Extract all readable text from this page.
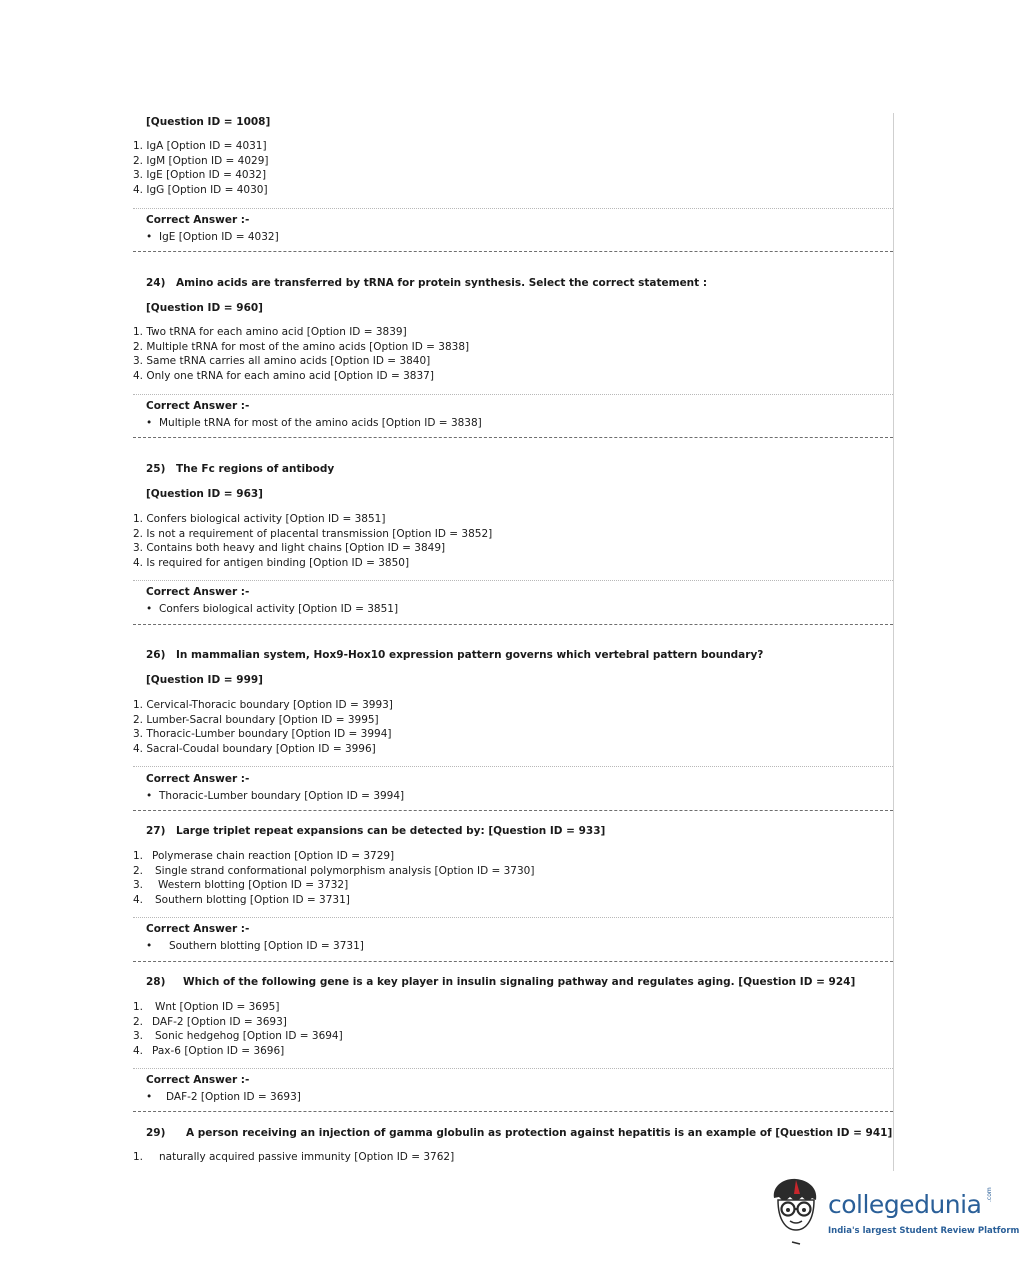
[Question ID = 1008]
1. IgA [Option ID = 4031]
2. IgM [Option ID = 4029]
3. IgE [Option ID = 4032]
4. IgG [Option ID = 4030]
Correct Answer :-
• IgE [Option ID = 4032]
24) Amino acids are transferred by tRNA for protein synthesis. Select the correct statement :
[Question ID = 960]
1. Two tRNA for each amino acid [Option ID = 3839]
2. Multiple tRNA for most of the amino acids [Option ID = 3838]
3. Same tRNA carries all amino acids [Option ID = 3840]
4. Only one tRNA for each amino acid [Option ID = 3837]
Correct Answer :-
• Multiple tRNA for most of the amino acids [Option ID = 3838]
25) The Fc regions of antibody
[Question ID = 963]
1. Confers biological activity [Option ID = 3851]
2. Is not a requirement of placental transmission [Option ID = 3852]
3. Contains both heavy and light chains [Option ID = 3849]
4. Is required for antigen binding [Option ID = 3850]
Correct Answer :-
• Confers biological activity [Option ID = 3851]
26) In mammalian system, Hox9-Hox10 expression pattern governs which vertebral pattern boundary?
[Question ID = 999]
1. Cervical-Thoracic boundary [Option ID = 3993]
2. Lumber-Sacral boundary [Option ID = 3995]
3. Thoracic-Lumber boundary [Option ID = 3994]
4. Sacral-Coudal boundary [Option ID = 3996]
Correct Answer :-
• Thoracic-Lumber boundary [Option ID = 3994]
27) Large triplet repeat expansions can be detected by: [Question ID = 933]
1. Polymerase chain reaction [Option ID = 3729]
2. Single strand conformational polymorphism analysis [Option ID = 3730]
3. Western blotting [Option ID = 3732]
4. Southern blotting [Option ID = 3731]
Correct Answer :-
• Southern blotting [Option ID = 3731]
28) Which of the following gene is a key player in insulin signaling pathway and regulates aging. [Question ID = 924]
1. Wnt [Option ID = 3695]
2. DAF-2 [Option ID = 3693]
3. Sonic hedgehog [Option ID = 3694]
4. Pax-6 [Option ID = 3696]
Correct Answer :-
• DAF-2 [Option ID = 3693]
29) A person receiving an injection of gamma globulin as protection against hepatitis is an example of [Question ID = 941]
1. naturally acquired passive immunity [Option ID = 3762]
collegedunia .com
India's largest Student Review Platform
